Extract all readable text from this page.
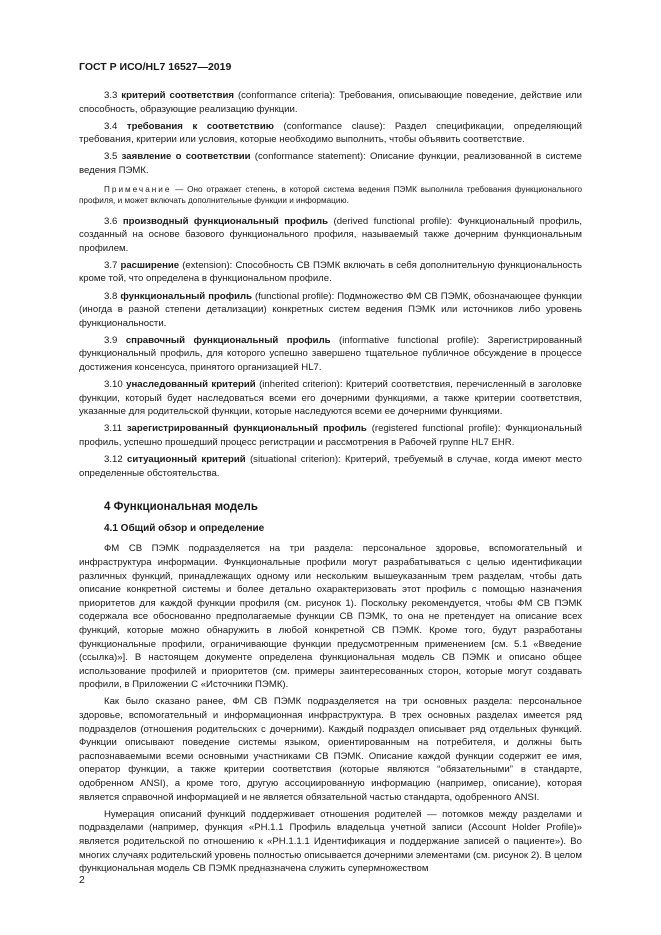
ГОСТ Р ИСО/HL7 16527—2019

3.3 критерий соответствия (conformance criteria): Требования, описывающие поведение, действие или способность, образующие реализацию функции.

3.4 требования к соответствию (conformance clause): Раздел спецификации, определяющий требования, критерии или условия, которые необходимо выполнить, чтобы объявить соответствие.

3.5 заявление о соответствии (conformance statement): Описание функции, реализованной в системе ведения ПЭМК.

Примечание — Оно отражает степень, в которой система ведения ПЭМК выполнила требования функционального профиля, и может включать дополнительные функции и информацию.

3.6 производный функциональный профиль (derived functional profile): Функциональный профиль, созданный на основе базового функционального профиля, называемый также дочерним функциональным профилем.

3.7 расширение (extension): Способность СВ ПЭМК включать в себя дополнительную функциональность кроме той, что определена в функциональном профиле.

3.8 функциональный профиль (functional profile): Подмножество ФМ СВ ПЭМК, обозначающее функции (иногда в разной степени детализации) конкретных систем ведения ПЭМК или источников либо уровень функциональности.

3.9 справочный функциональный профиль (informative functional profile): Зарегистрированный функциональный профиль, для которого успешно завершено тщательное публичное обсуждение в процессе достижения консенсуса, принятого организацией HL7.

3.10 унаследованный критерий (inherited criterion): Критерий соответствия, перечисленный в заголовке функции, который будет наследоваться всеми его дочерними функциями, а также критерии соответствия, указанные для родительской функции, которые наследуются всеми ее дочерними функциями.

3.11 зарегистрированный функциональный профиль (registered functional profile): Функциональный профиль, успешно прошедший процесс регистрации и рассмотрения в Рабочей группе HL7 EHR.

3.12 ситуационный критерий (situational criterion): Критерий, требуемый в случае, когда имеют место определенные обстоятельства.

4 Функциональная модель

4.1 Общий обзор и определение

ФМ СВ ПЭМК подразделяется на три раздела: персональное здоровье, вспомогательный и инфраструктура информации. Функциональные профили могут разрабатываться с целью идентификации различных функций, принадлежащих одному или нескольким вышеуказанным трем разделам, чтобы дать описание конкретной системы и более детально охарактеризовать этот профиль с помощью назначения приоритетов для каждой функции профиля (см. рисунок 1). Поскольку рекомендуется, чтобы ФМ СВ ПЭМК содержала все обоснованно предполагаемые функции СВ ПЭМК, то она не претендует на описание всех функций, которые можно обнаружить в любой конкретной СВ ПЭМК. Кроме того, будут разработаны функциональные профили, ограничивающие функции предусмотренным применением [см. 5.1 «Введение (ссылка)»]. В настоящем документе определена функциональная модель СВ ПЭМК и описано общее использование профилей и приоритетов (см. примеры заинтересованных сторон, которые могут создавать профили, в Приложении С «Источники ПЭМК).

Как было сказано ранее, ФМ СВ ПЭМК подразделяется на три основных раздела: персональное здоровье, вспомогательный и информационная инфраструктура. В трех основных разделах имеется ряд подразделов (отношения родительских с дочерними). Каждый подраздел описывает ряд отдельных функций. Функции описывают поведение системы языком, ориентированным на потребителя, и должны быть распознаваемыми всеми основными участниками СВ ПЭМК. Описание каждой функции содержит ее имя, оператор функции, а также критерии соответствия (которые являются “обязательными” в стандарте, одобренном ANSI), а кроме того, другую ассоциированную информацию (например, описание), которая является справочной информацией и не является обязательной частью стандарта, одобренного ANSI.

Нумерация описаний функций поддерживает отношения родителей — потомков между разделами и подразделами (например, функция «PH.1.1 Профиль владельца учетной записи (Account Holder Profile)» является родительской по отношению к «PH.1.1.1 Идентификация и поддержание записей о пациенте»). Во многих случаях родительский уровень полностью описывается дочерними элементами (см. рисунок 2). В целом функциональная модель СВ ПЭМК предназначена служить супермножеством

2
